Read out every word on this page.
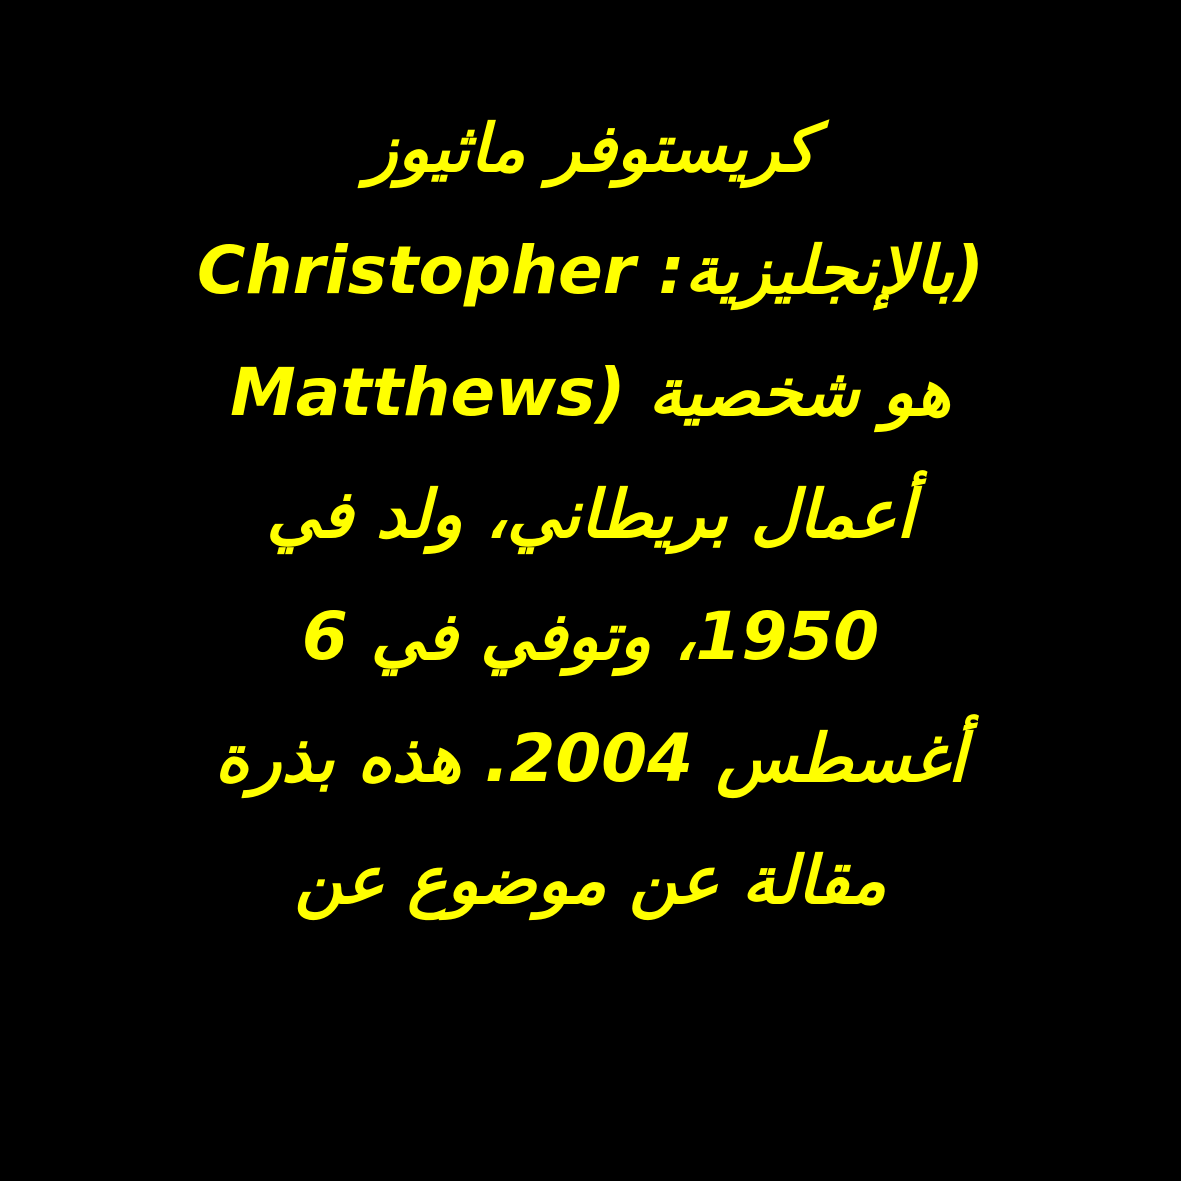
كريستوفر ماثيوز
(بالإنجليزية: Christopher
Matthews) هو شخصية
أعمال بريطاني، ولد في
1950، وتوفي في 6
أغسطس 2004. هذه بذرة
مقالة عن موضوع عن
